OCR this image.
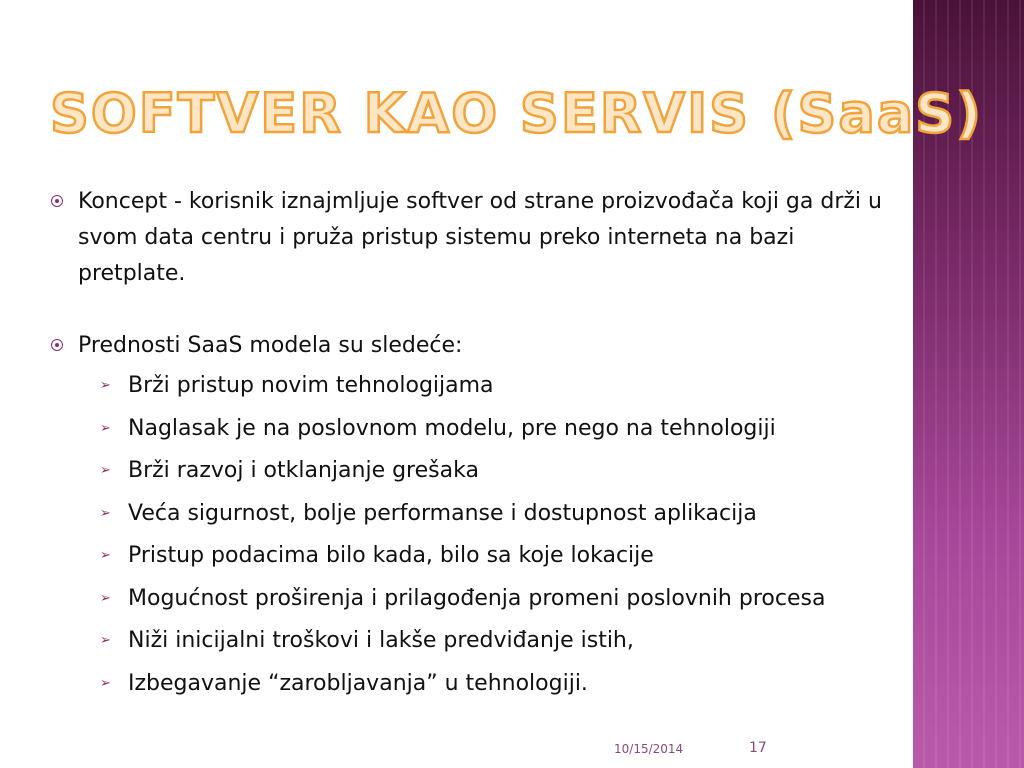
SOFTVER KAO SERVIS (SaaS)
Koncept - korisnik iznajmljuje softver od strane proizvođača koji ga drži u svom data centru i pruža pristup sistemu preko interneta na bazi pretplate.
Prednosti SaaS modela su sledeće:
➢ Brži pristup novim tehnologijama
➢ Naglasak je na poslovnom modelu, pre nego na tehnologiji
➢ Brži razvoj i otklanjanje grešaka
➢ Veća sigurnost, bolje performanse i dostupnost aplikacija
➢ Pristup podacima bilo kada, bilo sa koje lokacije
➢ Mogućnost proširenja i prilagođenja promeni poslovnih procesa
➢ Niži inicijalni troškovi i lakše predviđanje istih,
➢ Izbegavanje “zarobljavanja” u tehnologiji.
10/15/2014	17
